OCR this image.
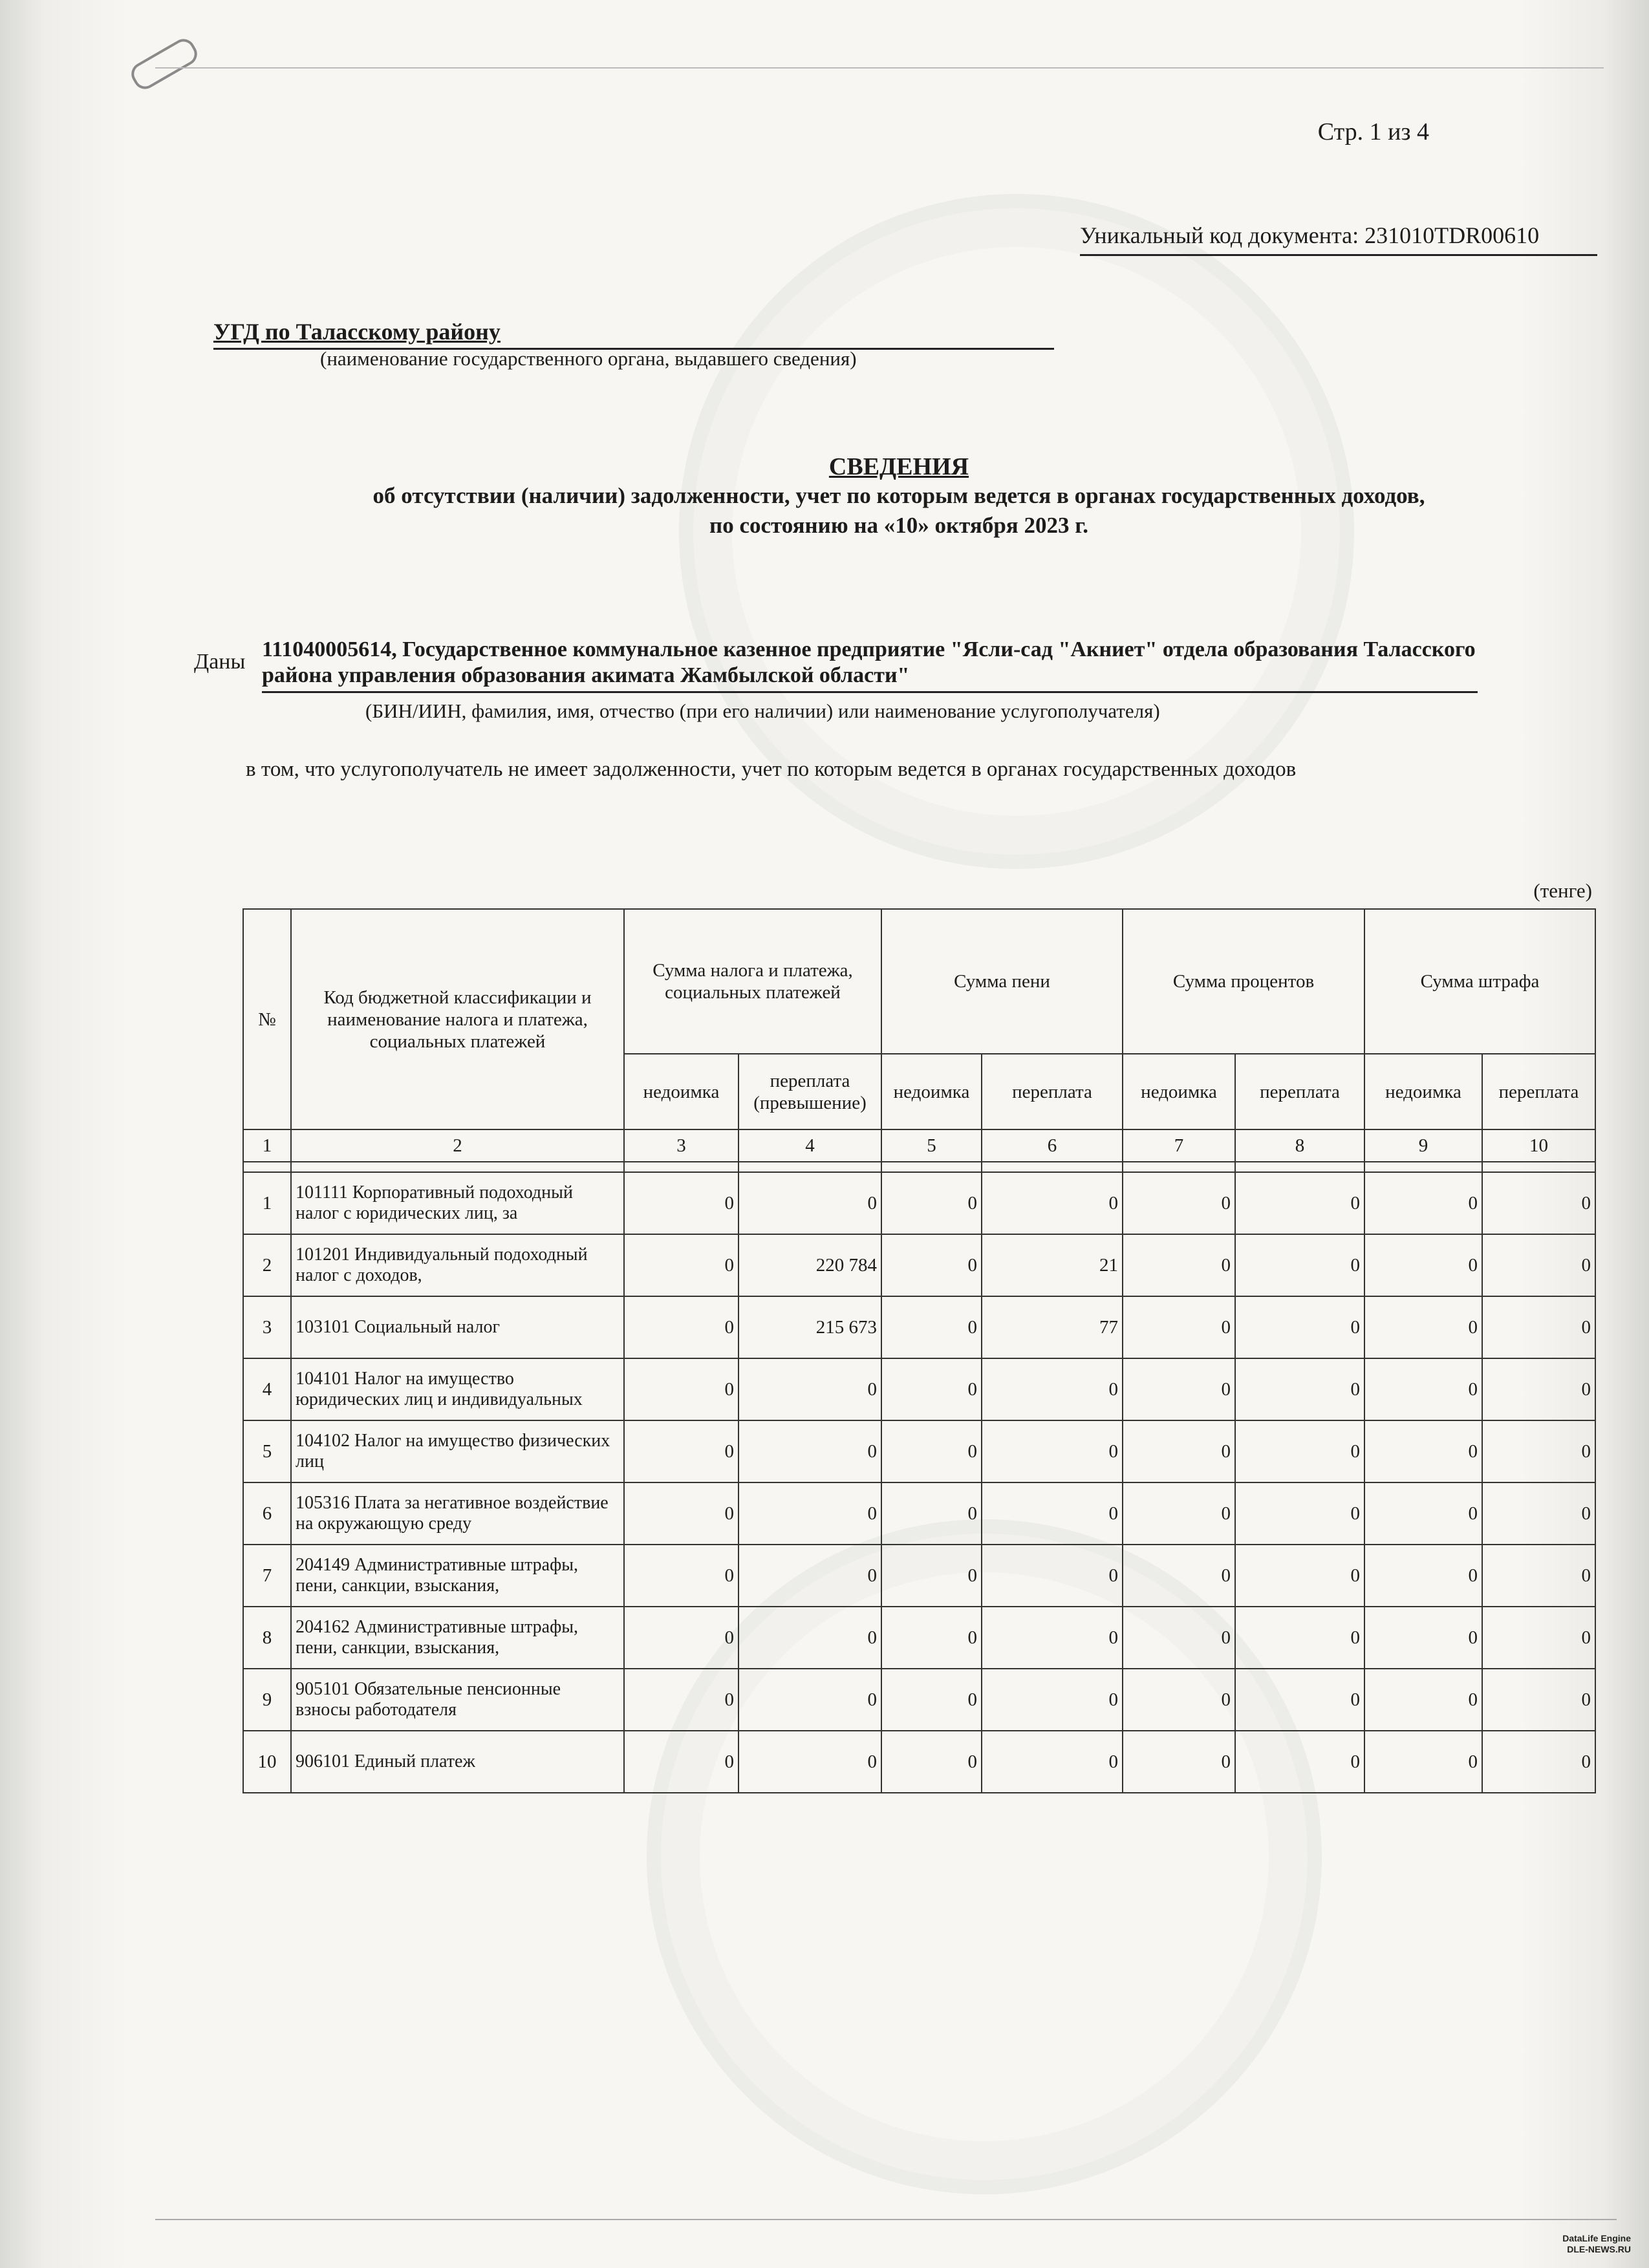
Стр. 1 из 4
Уникальный код документа: 231010TDR00610
УГД по Таласскому району
(наименование государственного органа, выдавшего сведения)
СВЕДЕНИЯ
об отсутствии (наличии) задолженности, учет по которым ведется в органах государственных доходов,
по состоянию на «10» октября 2023 г.
Даны
111040005614, Государственное коммунальное казенное предприятие "Ясли-сад "Акниет" отдела образования Таласского
района управления образования акимата Жамбылской области"
(БИН/ИИН, фамилия, имя, отчество (при его наличии) или наименование услугополучателя)
в том, что услугополучатель не имеет задолженности, учет по которым ведется в органах государственных доходов
(тенге)
№	Код бюджетной классификации и наименование налога и платежа, социальных платежей	Сумма налога и платежа, социальных платежей		Сумма пени		Сумма процентов		Сумма штрафа	
		недоимка	переплата (превышение)	недоимка	переплата	недоимка	переплата	недоимка	переплата
1	2	3	4	5	6	7	8	9	10

1	101111 Корпоративный подоходный налог с юридических лиц, за	0	0	0	0	0	0	0	0
2	101201 Индивидуальный подоходный налог с доходов,	0	220 784	0	21	0	0	0	0
3	103101 Социальный налог	0	215 673	0	77	0	0	0	0
4	104101 Налог на имущество юридических лиц и индивидуальных	0	0	0	0	0	0	0	0
5	104102 Налог на имущество физических лиц	0	0	0	0	0	0	0	0
6	105316 Плата за негативное воздействие на окружающую среду	0	0	0	0	0	0	0	0
7	204149 Административные штрафы, пени, санкции, взыскания,	0	0	0	0	0	0	0	0
8	204162 Административные штрафы, пени, санкции, взыскания,	0	0	0	0	0	0	0	0
9	905101 Обязательные пенсионные взносы работодателя	0	0	0	0	0	0	0	0
10	906101 Единый платеж	0	0	0	0	0	0	0	0
DataLife Engine
DLE-NEWS.RU
